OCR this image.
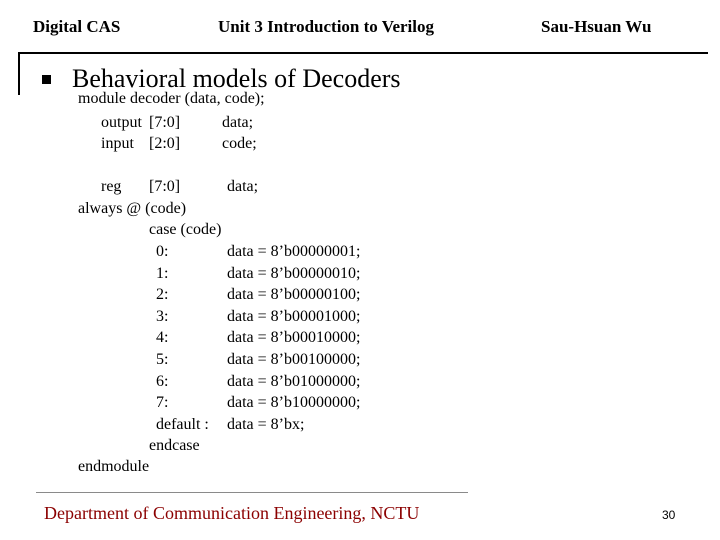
Digital CAS	Unit 3 Introduction to Verilog	Sau-Hsuan Wu
Behavioral models of Decoders
module decoder (data, code);
output [7:0]	data;
input [2:0]	code;
reg [7:0]	data;
always @ (code)
case (code)
0:	data = 8’b00000001;
1:	data = 8’b00000010;
2:	data = 8’b00000100;
3:	data = 8’b00001000;
4:	data = 8’b00010000;
5:	data = 8’b00100000;
6:	data = 8’b01000000;
7:	data = 8’b10000000;
default : data = 8’bx;
endcase
endmodule
Department of Communication Engineering, NCTU	30
